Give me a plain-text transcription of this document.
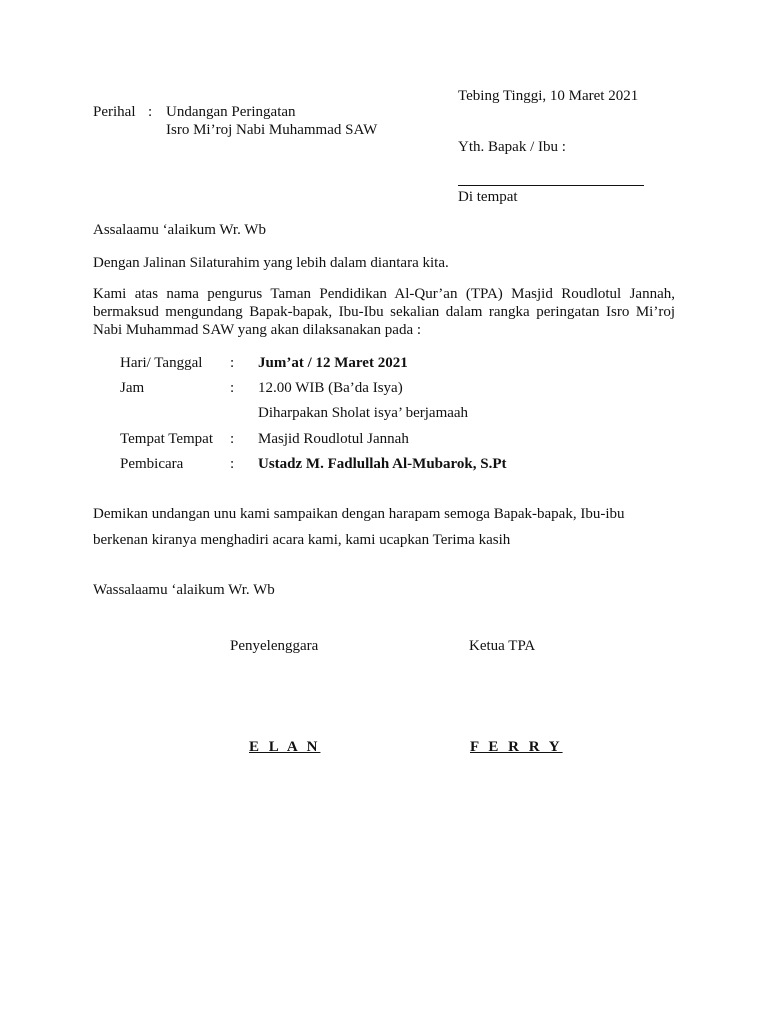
Tebing Tinggi, 10 Maret 2021
Perihal : Undangan Peringatan
Isro Mi’roj Nabi Muhammad SAW
Yth. Bapak / Ibu :
Di tempat
Assalaamu ‘alaikum Wr. Wb
Dengan Jalinan Silaturahim yang lebih dalam diantara kita.
Kami atas nama pengurus Taman Pendidikan Al-Qur’an (TPA) Masjid Roudlotul Jannah, bermaksud mengundang Bapak-bapak, Ibu-Ibu sekalian dalam rangka peringatan Isro Mi’roj Nabi Muhammad SAW yang akan dilaksanakan pada :
Hari/ Tanggal : Jum’at / 12 Maret 2021
Jam	: 12.00 WIB (Ba’da Isya)
Diharpakan Sholat isya’ berjamaah
Tempat Tempat : Masjid Roudlotul Jannah
Pembicara	: Ustadz M. Fadlullah Al-Mubarok, S.Pt
Demikan undangan unu kami sampaikan dengan harapam semoga Bapak-bapak, Ibu-ibu
berkenan kiranya menghadiri acara kami, kami ucapkan Terima kasih
Wassalaamu ‘alaikum Wr. Wb
Penyelenggara	Ketua TPA
E L A N	F E R R Y
